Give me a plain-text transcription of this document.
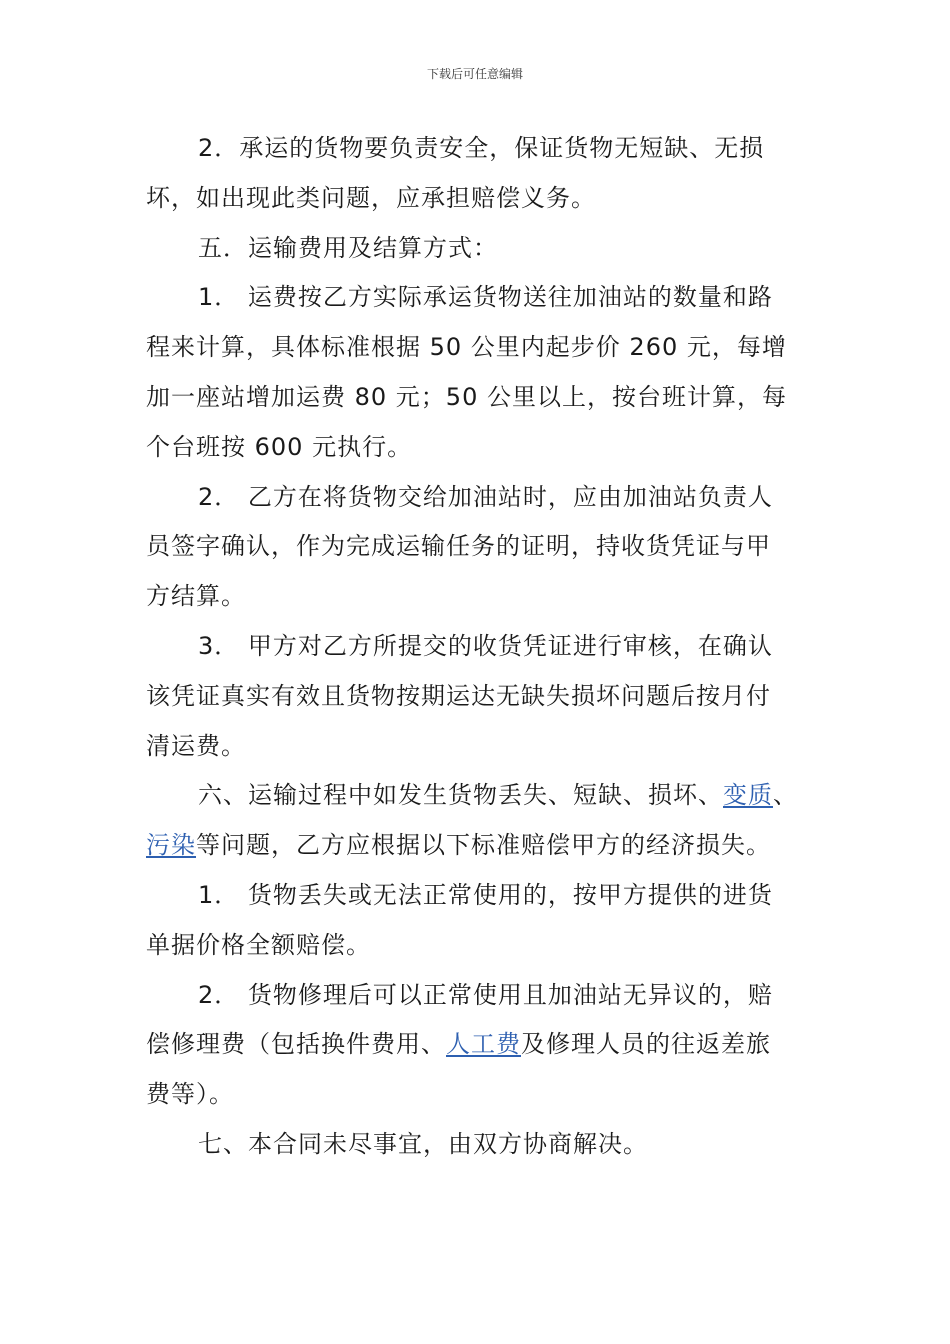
下载后可任意编辑
2．承运的货物要负责安全，保证货物无短缺、无损
坏，如出现此类问题，应承担赔偿义务。
五．运输费用及结算方式：
1． 运费按乙方实际承运货物送往加油站的数量和路
程来计算，具体标准根据 50 公里内起步价 260 元，每增
加一座站增加运费 80 元；50 公里以上，按台班计算，每
个台班按 600 元执行。
2． 乙方在将货物交给加油站时，应由加油站负责人
员签字确认，作为完成运输任务的证明，持收货凭证与甲
方结算。
3． 甲方对乙方所提交的收货凭证进行审核，在确认
该凭证真实有效且货物按期运达无缺失损坏问题后按月付
清运费。
六、运输过程中如发生货物丢失、短缺、损坏、变质、
污染等问题，乙方应根据以下标准赔偿甲方的经济损失。
1． 货物丢失或无法正常使用的，按甲方提供的进货
单据价格全额赔偿。
2． 货物修理后可以正常使用且加油站无异议的，赔
偿修理费（包括换件费用、人工费及修理人员的往返差旅
费等）。
七、本合同未尽事宜，由双方协商解决。
